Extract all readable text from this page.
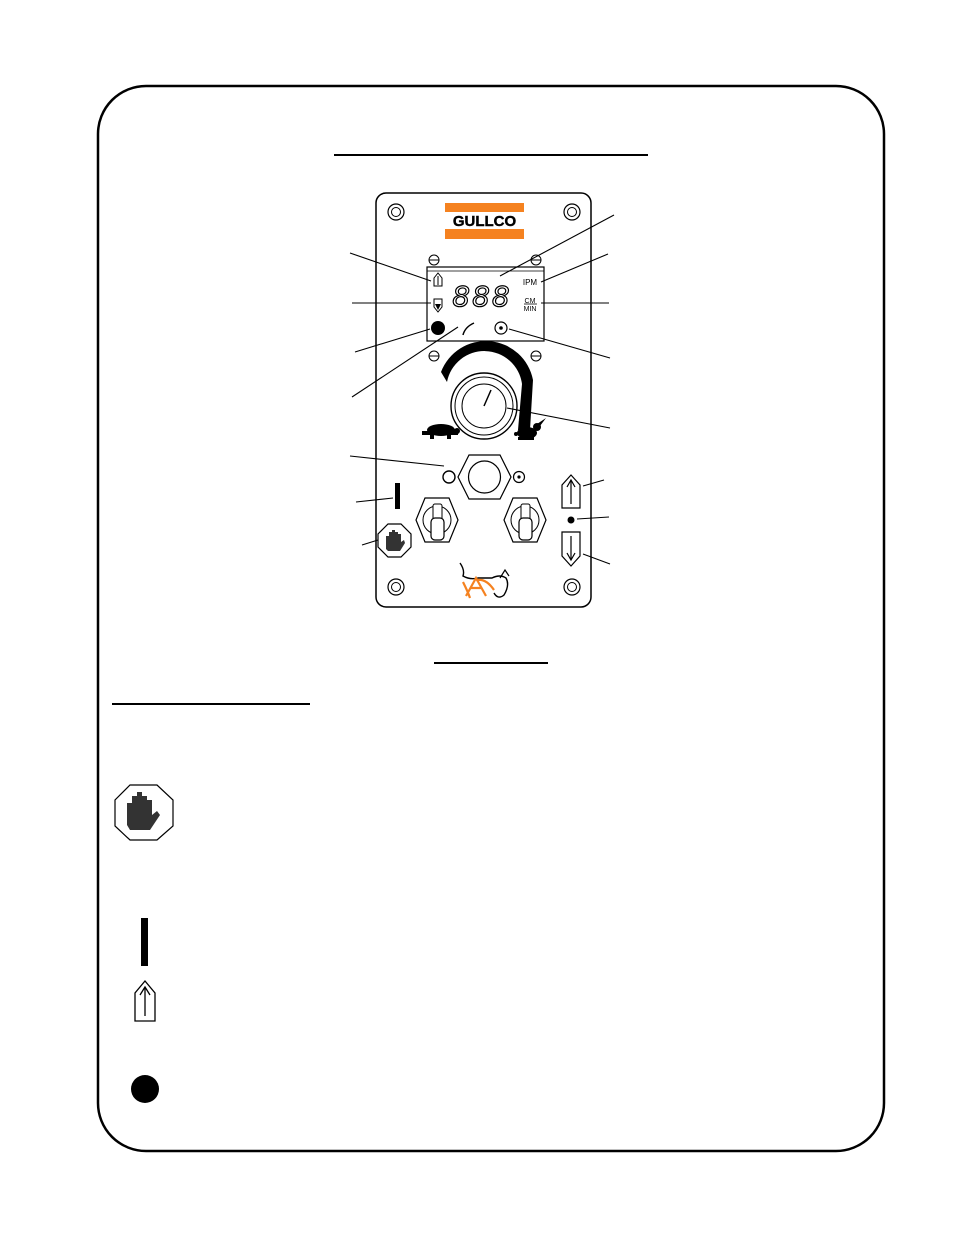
GULLCO
888 IPM
CM
MIN
